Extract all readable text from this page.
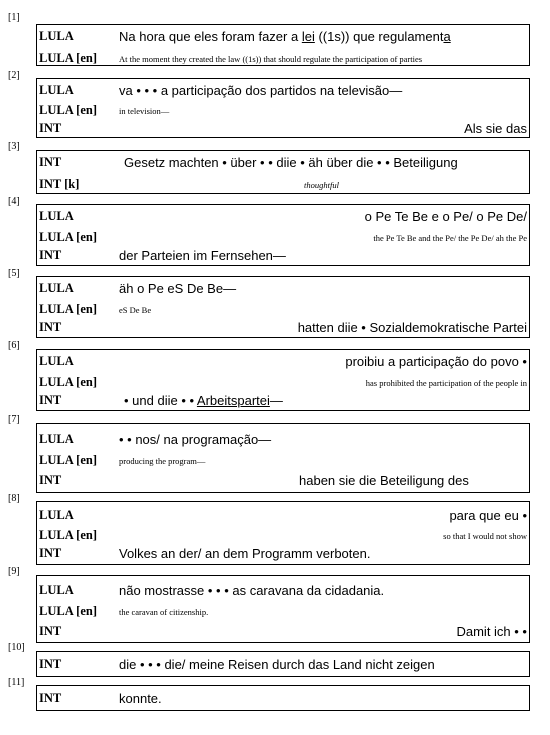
[1]
LULA	Na hora que eles foram fazer a lei ((1s)) que regulamenta
LULA [en]	At the moment they created the law ((1s)) that should regulate the participation of parties
[2]
LULA	va • • • a participação dos partidos na televisão—
LULA [en]	in television—
INT	Als sie das
[3]
INT	Gesetz machten • über • • diie • äh über die • • Beteiligung
INT [k]	thoughtful
[4]
LULA	o Pe Te Be e o Pe/ o Pe De/
LULA [en]	the Pe Te Be and the Pe/ the Pe De/ ah the Pe
INT	der Parteien im Fernsehen—
[5]
LULA	äh o Pe eS De Be—
LULA [en]	eS De Be
INT	hatten diie • Sozialdemokratische Partei
[6]
LULA	proibiu a participação do povo •
LULA [en]	has prohibited the participation of the people in
INT	• und diie • • Arbeitspartei—
[7]
LULA	• • nos/ na programação—
LULA [en]	producing the program—
INT	haben sie die Beteiligung des
[8]
LULA	para que eu •
LULA [en]	so that I would not show
INT	Volkes an der/ an dem Programm verboten.
[9]
LULA	não mostrasse • • • as caravana da cidadania.
LULA [en]	the caravan of citizenship.
INT	Damit ich • •
[10]
INT	die • • • die/ meine Reisen durch das Land nicht zeigen
[11]
INT	konnte.
